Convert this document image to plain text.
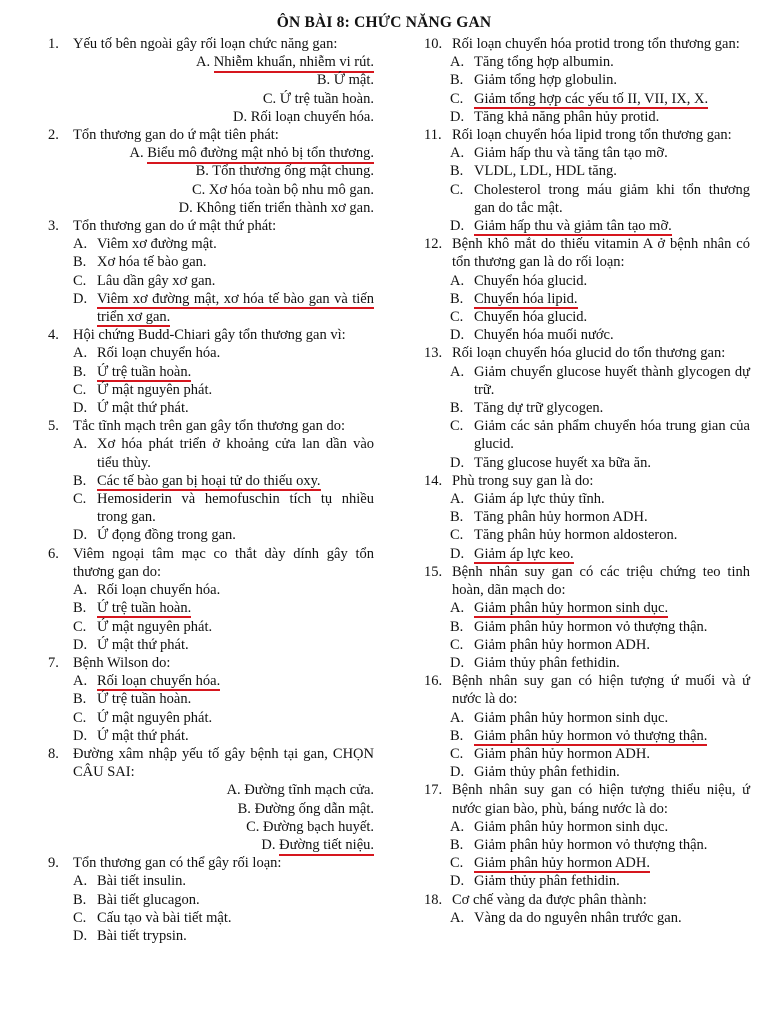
ÔN BÀI 8: CHỨC NĂNG GAN
1. Yếu tố bên ngoài gây rối loạn chức năng gan:
A. Nhiễm khuẩn, nhiễm vi rút.
B. Ứ mật.
C. Ứ trệ tuần hoàn.
D. Rối loạn chuyển hóa.
2. Tổn thương gan do ứ mật tiên phát:
A. Biểu mô đường mật nhỏ bị tổn thương.
B. Tổn thương ống mật chung.
C. Xơ hóa toàn bộ nhu mô gan.
D. Không tiến triển thành xơ gan.
3. Tổn thương gan do ứ mật thứ phát:
A. Viêm xơ đường mật.
B. Xơ hóa tế bào gan.
C. Lâu dần gây xơ gan.
D. Viêm xơ đường mật, xơ hóa tế bào gan và tiến triển xơ gan.
4. Hội chứng Budd-Chiari gây tổn thương gan vì:
A. Rối loạn chuyển hóa.
B. Ứ trệ tuần hoàn.
C. Ứ mật nguyên phát.
D. Ứ mật thứ phát.
5. Tắc tĩnh mạch trên gan gây tổn thương gan do:
A. Xơ hóa phát triển ở khoảng cửa lan dần vào tiểu thùy.
B. Các tế bào gan bị hoại tử do thiếu oxy.
C. Hemosiderin và hemofuschin tích tụ nhiều trong gan.
D. Ứ đọng đồng trong gan.
6. Viêm ngoại tâm mạc co thắt dày dính gây tổn thương gan do:
A. Rối loạn chuyển hóa.
B. Ứ trệ tuần hoàn.
C. Ứ mật nguyên phát.
D. Ứ mật thứ phát.
7. Bệnh Wilson do:
A. Rối loạn chuyển hóa.
B. Ứ trệ tuần hoàn.
C. Ứ mật nguyên phát.
D. Ứ mật thứ phát.
8. Đường xâm nhập yếu tố gây bệnh tại gan, CHỌN CÂU SAI:
A. Đường tĩnh mạch cửa.
B. Đường ống dẫn mật.
C. Đường bạch huyết.
D. Đường tiết niệu.
9. Tổn thương gan có thể gây rối loạn:
A. Bài tiết insulin.
B. Bài tiết glucagon.
C. Cấu tạo và bài tiết mật.
D. Bài tiết trypsin.
10. Rối loạn chuyển hóa protid trong tổn thương gan:
A. Tăng tổng hợp albumin.
B. Giảm tổng hợp globulin.
C. Giảm tổng hợp các yếu tố II, VII, IX, X.
D. Tăng khả năng phân hủy protid.
11. Rối loạn chuyển hóa lipid trong tổn thương gan:
A. Giảm hấp thu và tăng tân tạo mỡ.
B. VLDL, LDL, HDL tăng.
C. Cholesterol trong máu giảm khi tổn thương gan do tắc mật.
D. Giảm hấp thu và giảm tân tạo mỡ.
12. Bệnh khô mắt do thiếu vitamin A ở bệnh nhân có tổn thương gan là do rối loạn:
A. Chuyển hóa glucid.
B. Chuyển hóa lipid.
C. Chuyển hóa glucid.
D. Chuyển hóa muối nước.
13. Rối loạn chuyển hóa glucid do tổn thương gan:
A. Giảm chuyển glucose huyết thành glycogen dự trữ.
B. Tăng dự trữ glycogen.
C. Giảm các sản phẩm chuyển hóa trung gian của glucid.
D. Tăng glucose huyết xa bữa ăn.
14. Phù trong suy gan là do:
A. Giảm áp lực thủy tĩnh.
B. Tăng phân hủy hormon ADH.
C. Tăng phân hủy hormon aldosteron.
D. Giảm áp lực keo.
15. Bệnh nhân suy gan có các triệu chứng teo tinh hoàn, dãn mạch do:
A. Giảm phân hủy hormon sinh dục.
B. Giảm phân hủy hormon vỏ thượng thận.
C. Giảm phân hủy hormon ADH.
D. Giảm thủy phân fethidin.
16. Bệnh nhân suy gan có hiện tượng ứ muối và ứ nước là do:
A. Giảm phân hủy hormon sinh dục.
B. Giảm phân hủy hormon vỏ thượng thận.
C. Giảm phân hủy hormon ADH.
D. Giảm thủy phân fethidin.
17. Bệnh nhân suy gan có hiện tượng thiểu niệu, ứ nước gian bào, phù, báng nước là do:
A. Giảm phân hủy hormon sinh dục.
B. Giảm phân hủy hormon vỏ thượng thận.
C. Giảm phân hủy hormon ADH.
D. Giảm thủy phân fethidin.
18. Cơ chế vàng da được phân thành:
A. Vàng da do nguyên nhân trước gan.
